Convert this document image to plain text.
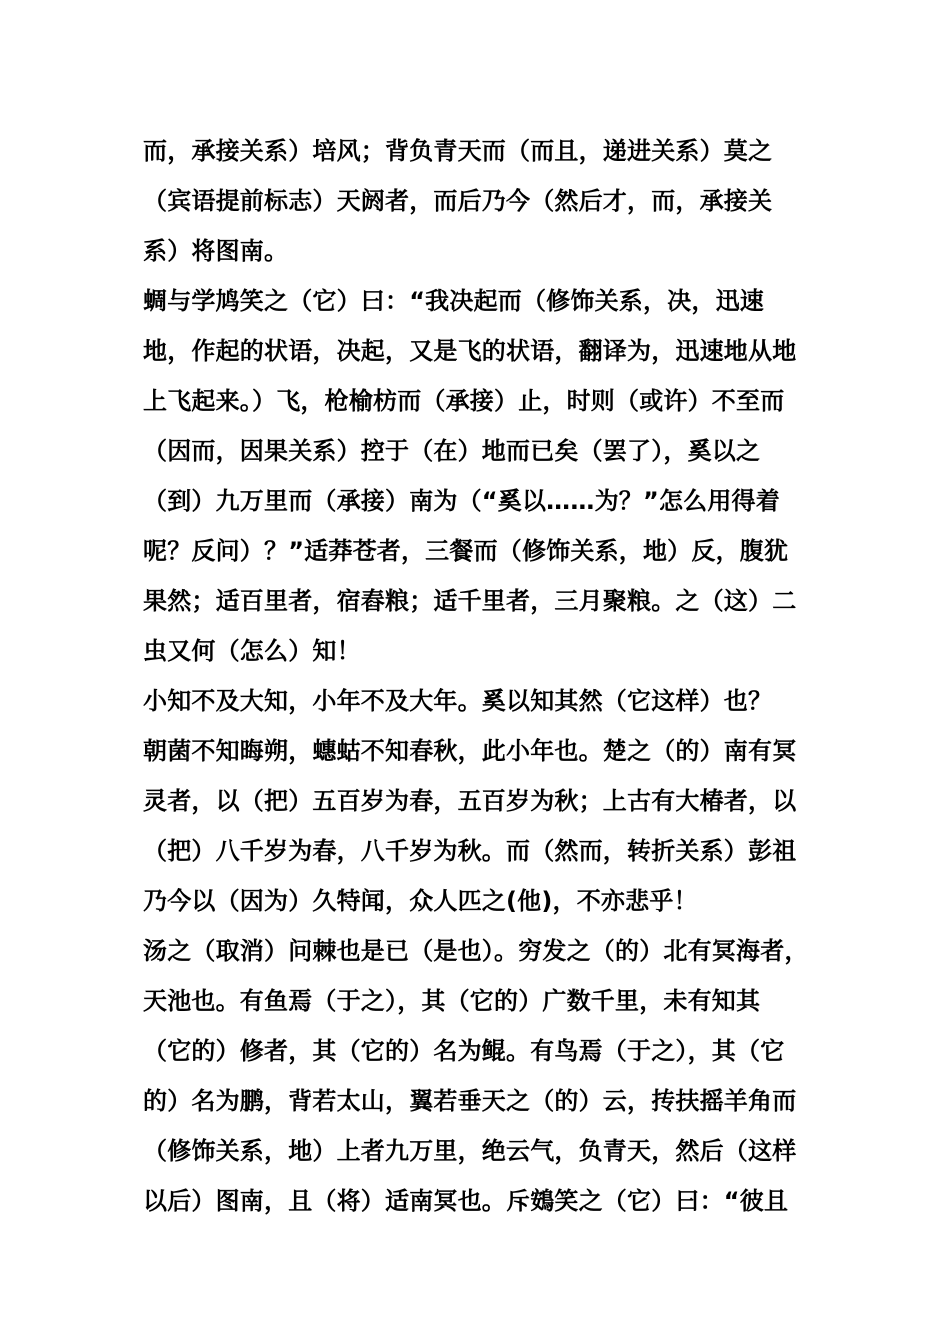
而，承接关系）培风；背负青天而（而且，递进关系）莫之
（宾语提前标志）天阏者，而后乃今（然后才，而，承接关
系）将图南。
蜩与学鸠笑之（它）曰：“我决起而（修饰关系，决，迅速
地，作起的状语，决起，又是飞的状语，翻译为，迅速地从地
上飞起来。）飞，枪榆枋而（承接）止，时则（或许）不至而
（因而，因果关系）控于（在）地而已矣（罢了），奚以之
（到）九万里而（承接）南为（“奚以……为？”怎么用得着
呢？反问）？”适莽苍者，三餐而（修饰关系，地）反，腹犹
果然；适百里者，宿舂粮；适千里者，三月聚粮。之（这）二
虫又何（怎么）知！
小知不及大知，小年不及大年。奚以知其然（它这样）也？
朝菌不知晦朔，蟪蛄不知春秋，此小年也。楚之（的）南有冥
灵者，以（把）五百岁为春，五百岁为秋；上古有大椿者，以
（把）八千岁为春，八千岁为秋。而（然而，转折关系）彭祖
乃今以（因为）久特闻，众人匹之(他)，不亦悲乎！
汤之（取消）问棘也是已（是也）。穷发之（的）北有冥海者，
天池也。有鱼焉（于之），其（它的）广数千里，未有知其
（它的）修者，其（它的）名为鲲。有鸟焉（于之），其（它
的）名为鹏，背若太山，翼若垂天之（的）云，抟扶摇羊角而
（修饰关系，地）上者九万里，绝云气，负青天，然后（这样
以后）图南，且（将）适南冥也。斥鴳笑之（它）曰：“彼且
